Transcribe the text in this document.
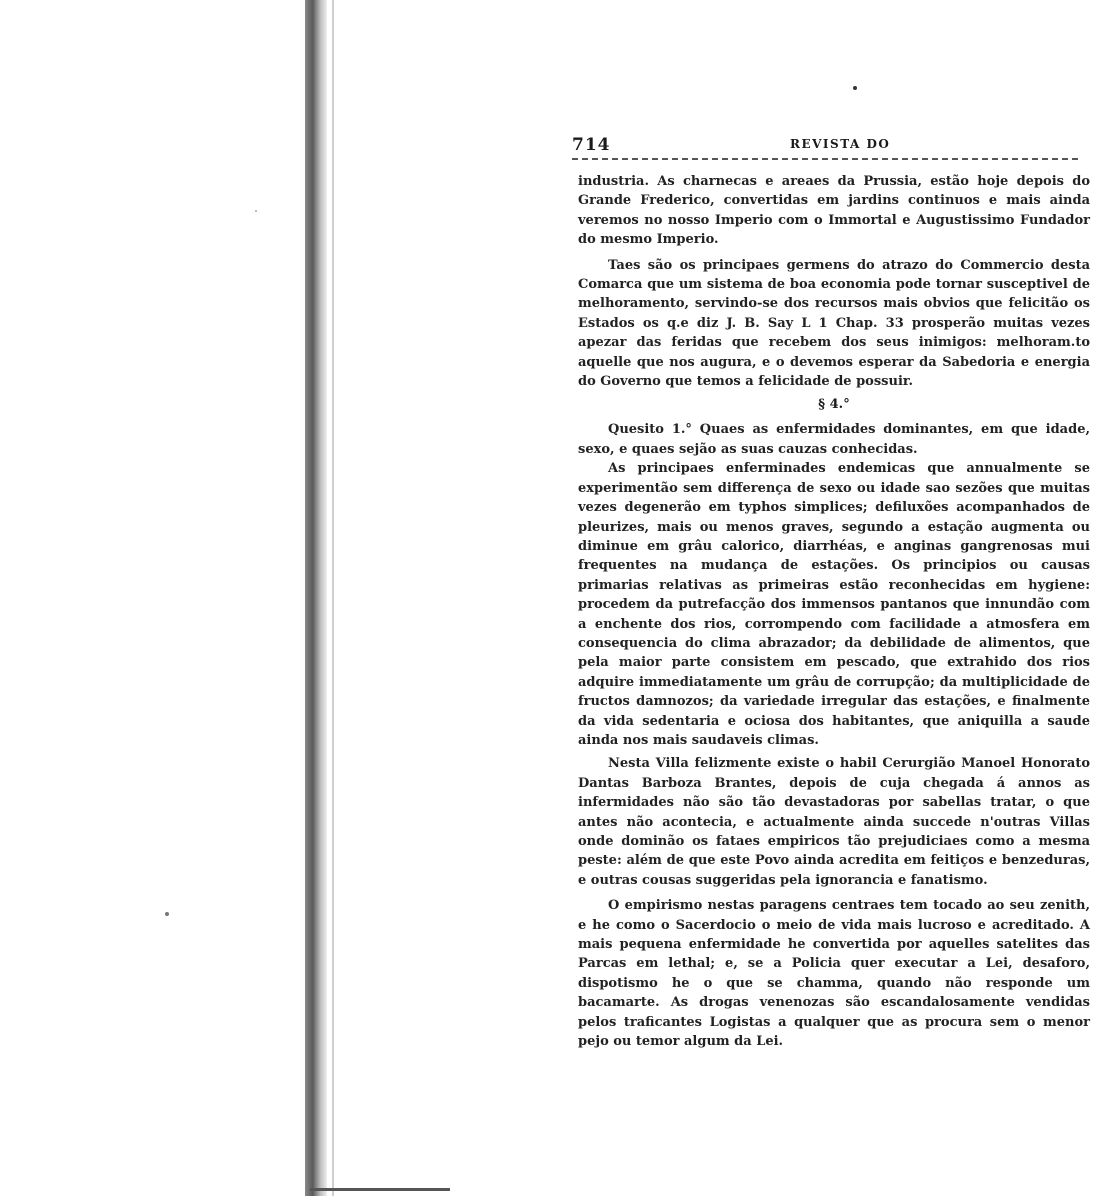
714	REVISTA DO

industria. As charnecas e areaes da Prussia, estão hoje depois do Grande Frederico, convertidas em jardins continuos e mais ainda veremos no nosso Imperio com o Immortal e Augustissimo Fundador do mesmo Imperio.

Taes são os principaes germens do atrazo do Commercio desta Comarca que um sistema de boa economia pode tornar susceptivel de melhoramento, servindo-se dos recursos mais obvios que felicitão os Estados os q.e diz J. B. Say L 1 Chap. 33 prosperão muitas vezes apezar das feridas que recebem dos seus inimigos: melhoram.to aquelle que nos augura, e o devemos esperar da Sabedoria e energia do Governo que temos a felicidade de possuir.

§ 4.°

Quesito 1.° Quaes as enfermidades dominantes, em que idade, sexo, e quaes sejão as suas cauzas conhecidas.

As principaes enferminades endemicas que annualmente se experimentão sem differença de sexo ou idade sao sezões que muitas vezes degenerão em typhos simplices; defiluxões acompanhados de pleurizes, mais ou menos graves, segundo a estação augmenta ou diminue em grâu calorico, diarrhéas, e anginas gangrenosas mui frequentes na mudança de estações. Os principios ou causas primarias relativas as primeiras estão reconhecidas em hygiene: procedem da putrefacção dos immensos pantanos que innundão com a enchente dos rios, corrompendo com facilidade a atmosfera em consequencia do clima abrazador; da debilidade de alimentos, que pela maior parte consistem em pescado, que extrahido dos rios adquire immediatamente um grâu de corrupção; da multiplicidade de fructos damnozos; da variedade irregular das estações, e finalmente da vida sedentaria e ociosa dos habitantes, que aniquilla a saude ainda nos mais saudaveis climas.

Nesta Villa felizmente existe o habil Cerurgião Manoel Honorato Dantas Barboza Brantes, depois de cuja chegada á annos as infermidades não são tão devastadoras por sabellas tratar, o que antes não acontecia, e actualmente ainda succede n'outras Villas onde dominão os fataes empiricos tão prejudiciaes como a mesma peste: além de que este Povo ainda acredita em feitiços e benzeduras, e outras cousas suggeridas pela ignorancia e fanatismo.

O empirismo nestas paragens centraes tem tocado ao seu zenith, e he como o Sacerdocio o meio de vida mais lucroso e acreditado. A mais pequena enfermidade he convertida por aquelles satelites das Parcas em lethal; e, se a Policia quer executar a Lei, desaforo, dispotismo he o que se chamma, quando não responde um bacamarte. As drogas venenozas são escandalosamente vendidas pelos traficantes Logistas a qualquer que as procura sem o menor pejo ou temor algum da Lei.
